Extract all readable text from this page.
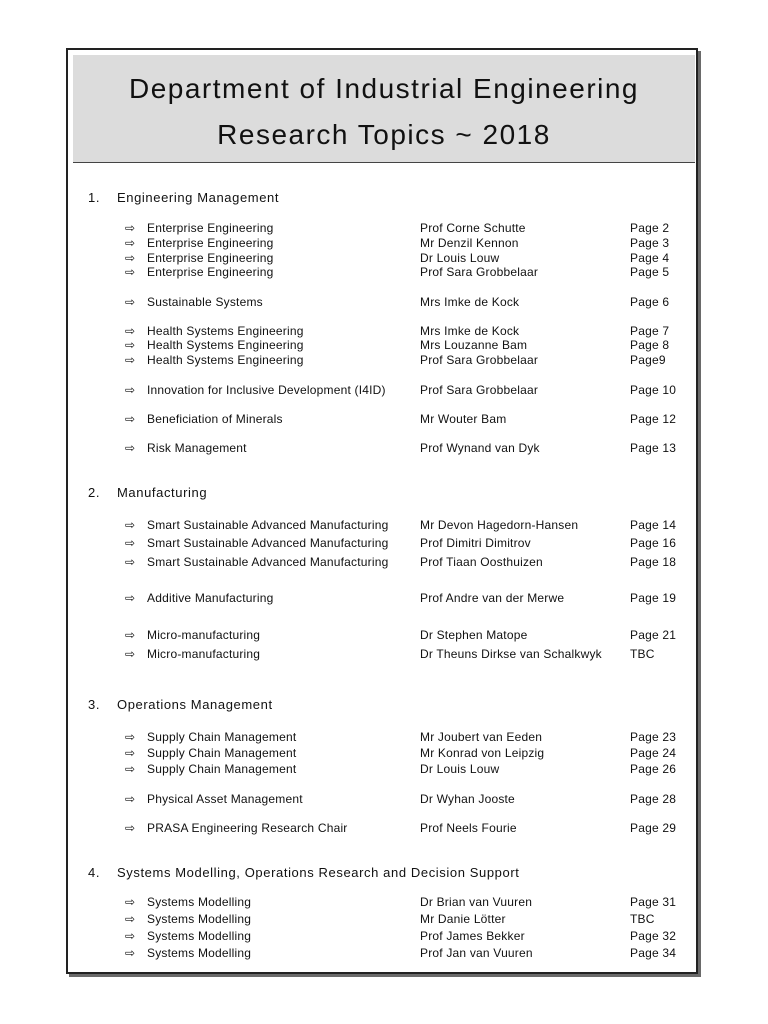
Department of Industrial Engineering
Research Topics ~ 2018
1. Engineering Management
⇨ Enterprise Engineering	Prof Corne Schutte	Page 2
⇨ Enterprise Engineering	Mr Denzil Kennon	Page 3
⇨ Enterprise Engineering	Dr Louis Louw	Page 4
⇨ Enterprise Engineering	Prof Sara Grobbelaar	Page 5
⇨ Sustainable Systems	Mrs Imke de Kock	Page 6
⇨ Health Systems Engineering	Mrs Imke de Kock	Page 7
⇨ Health Systems Engineering	Mrs Louzanne Bam	Page 8
⇨ Health Systems Engineering	Prof Sara Grobbelaar	Page9
⇨ Innovation for Inclusive Development (I4ID)	Prof Sara Grobbelaar	Page 10
⇨ Beneficiation of Minerals	Mr Wouter Bam	Page 12
⇨ Risk Management	Prof Wynand van Dyk	Page 13
2. Manufacturing
⇨ Smart Sustainable Advanced Manufacturing	Mr Devon Hagedorn-Hansen	Page 14
⇨ Smart Sustainable Advanced Manufacturing	Prof Dimitri Dimitrov	Page 16
⇨ Smart Sustainable Advanced Manufacturing	Prof Tiaan Oosthuizen	Page 18
⇨ Additive Manufacturing	Prof Andre van der Merwe	Page 19
⇨ Micro-manufacturing	Dr Stephen Matope	Page 21
⇨ Micro-manufacturing	Dr Theuns Dirkse van Schalkwyk TBC
3. Operations Management
⇨ Supply Chain Management	Mr Joubert van Eeden	Page 23
⇨ Supply Chain Management	Mr Konrad von Leipzig	Page 24
⇨ Supply Chain Management	Dr Louis Louw	Page 26
⇨ Physical Asset Management	Dr Wyhan Jooste	Page 28
⇨ PRASA Engineering Research Chair	Prof Neels Fourie	Page 29
4. Systems Modelling, Operations Research and Decision Support
⇨ Systems Modelling	Dr Brian van Vuuren	Page 31
⇨ Systems Modelling	Mr Danie Lötter	TBC
⇨ Systems Modelling	Prof James Bekker	Page 32
⇨ Systems Modelling	Prof Jan van Vuuren	Page 34
